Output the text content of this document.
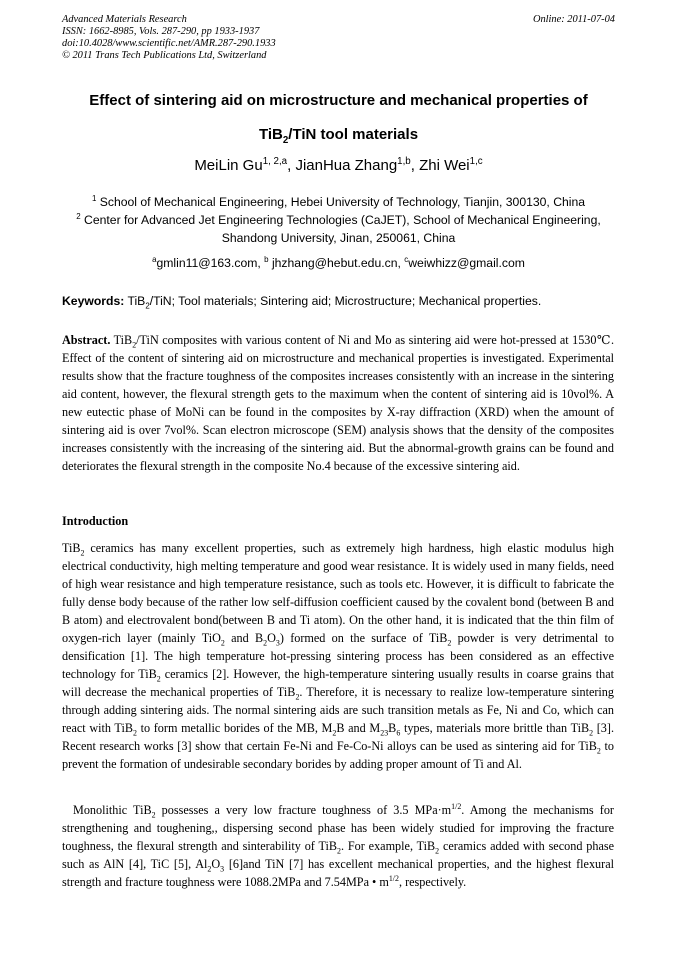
Advanced Materials Research
ISSN: 1662-8985, Vols. 287-290, pp 1933-1937
doi:10.4028/www.scientific.net/AMR.287-290.1933
© 2011 Trans Tech Publications Ltd, Switzerland
Online: 2011-07-04
Effect of sintering aid on microstructure and mechanical properties of
TiB$_2$/TiN tool materials
MeiLin Gu$^{1, 2,a}$, JianHua Zhang$^{1,b}$, Zhi Wei$^{1,c}$
$^1$ School of Mechanical Engineering, Hebei University of Technology, Tianjin, 300130, China
$^2$ Center for Advanced Jet Engineering Technologies (CaJET), School of Mechanical Engineering,
Shandong University, Jinan, 250061, China
$^a$gmlin11@163.com, $^b$ jhzhang@hebut.edu.cn, $^c$weiwhizz@gmail.com
Keywords: TiB$_2$/TiN; Tool materials; Sintering aid; Microstructure; Mechanical properties.
Abstract. TiB$_2$/TiN composites with various content of Ni and Mo as sintering aid were hot-pressed at 1530℃. Effect of the content of sintering aid on microstructure and mechanical properties is investigated. Experimental results show that the fracture toughness of the composites increases consistently with an increase in the sintering aid content, however, the flexural strength gets to the maximum when the content of sintering aid is 10vol%. A new eutectic phase of MoNi can be found in the composites by X-ray diffraction (XRD) when the amount of sintering aid is over 7vol%. Scan electron microscope (SEM) analysis shows that the density of the composites increases consistently with the increasing of the sintering aid. But the abnormal-growth grains can be found and deteriorates the flexural strength in the composite No.4 because of the excessive sintering aid.
Introduction
TiB$_2$ ceramics has many excellent properties, such as extremely high hardness, high elastic modulus high electrical conductivity, high melting temperature and good wear resistance. It is widely used in many fields, need of high wear resistance and high temperature resistance, such as tools etc. However, it is difficult to fabricate the fully dense body because of the rather low self-diffusion coefficient caused by the covalent bond (between B and B atom) and electrovalent bond(between B and Ti atom). On the other hand, it is indicated that the thin film of oxygen-rich layer (mainly TiO$_2$ and $B_2O_3$) formed on the surface of TiB$_2$ powder is very detrimental to densification [1]. The high temperature hot-pressing sintering process has been considered as an effective technology for TiB$_2$ ceramics [2]. However, the high-temperature sintering usually results in coarse grains that will decrease the mechanical properties of TiB$_2$. Therefore, it is necessary to realize low-temperature sintering through adding sintering aids. The normal sintering aids are such transition metals as Fe, Ni and Co, which can react with TiB$_2$ to form metallic borides of the MB, $M_2B$ and $M_{23}B_6$ types, materials more brittle than TiB$_2$ [3]. Recent research works [3] show that certain Fe-Ni and Fe-Co-Ni alloys can be used as sintering aid for TiB$_2$ to prevent the formation of undesirable secondary borides by adding proper amount of Ti and Al.
Monolithic TiB$_2$ possesses a very low fracture toughness of 3.5 $MPa\cdot m^{1/2}$. Among the mechanisms for strengthening and toughening,, dispersing second phase has been widely studied for improving the fracture toughness, the flexural strength and sinterability of TiB$_2$. For example, TiB$_2$ ceramics added with second phase such as AlN [4], TiC [5], $Al_2O_3$ [6]and TiN [7] has excellent mechanical properties, and the highest flexural strength and fracture toughness were 1088.2MPa and 7.54MPa • $m^{1/2}$, respectively.
